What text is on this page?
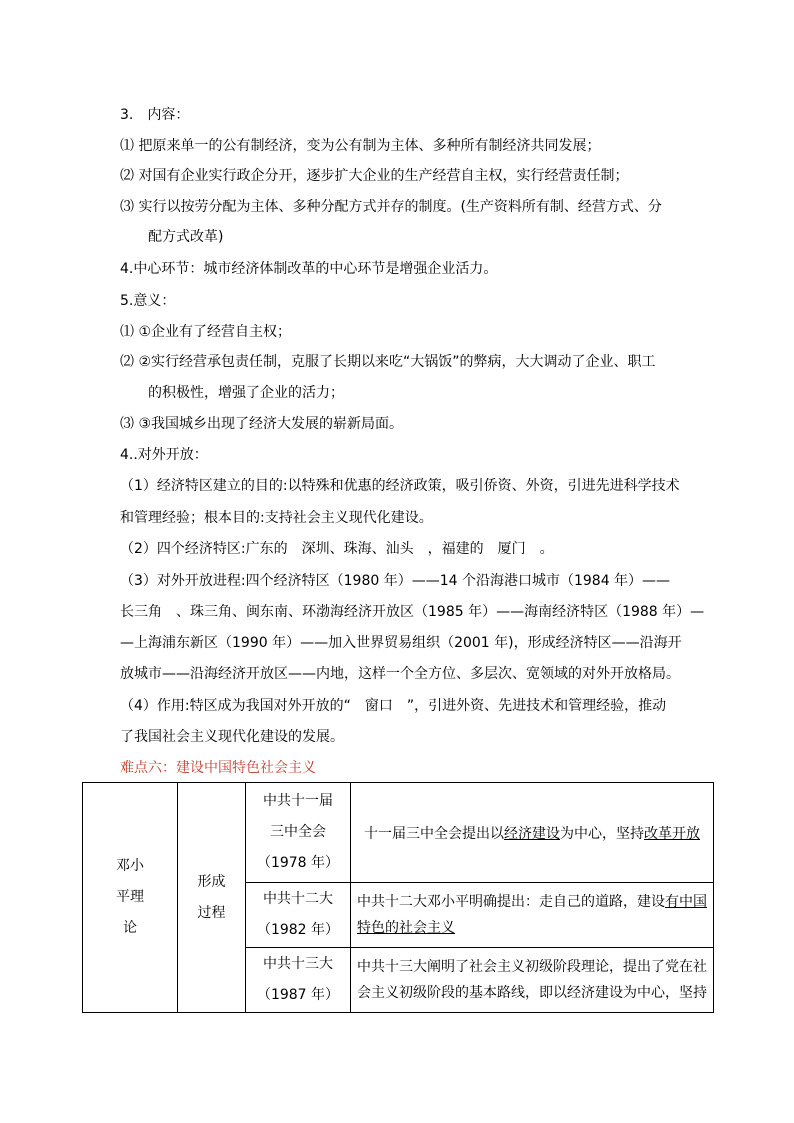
3.　内容：
⑴ 把原来单一的公有制经济，变为公有制为主体、多种所有制经济共同发展；
⑵ 对国有企业实行政企分开，逐步扩大企业的生产经营自主权，实行经营责任制；
⑶ 实行以按劳分配为主体、多种分配方式并存的制度。(生产资料所有制、经营方式、分
配方式改革)
4.中心环节：城市经济体制改革的中心环节是增强企业活力。
5.意义：
⑴ ①企业有了经营自主权；
⑵ ②实行经营承包责任制，克服了长期以来吃“大锅饭”的弊病，大大调动了企业、职工
的积极性，增强了企业的活力；
⑶ ③我国城乡出现了经济大发展的崭新局面。
4..对外开放：
（1）经济特区建立的目的:以特殊和优惠的经济政策，吸引侨资、外资，引进先进科学技术
和管理经验；根本目的:支持社会主义现代化建设。
（2）四个经济特区:广东的　深圳、珠海、汕头　，福建的　厦门　。
（3）对外开放进程:四个经济特区（1980 年）——14 个沿海港口城市（1984 年）——
长三角　、珠三角、闽东南、环渤海经济开放区（1985 年）——海南经济特区（1988 年）—
—上海浦东新区（1990 年）——加入世界贸易组织（2001 年)，形成经济特区——沿海开
放城市——沿海经济开放区——内地，这样一个全方位、多层次、宽领域的对外开放格局。
（4）作用:特区成为我国对外开放的“　窗口　”，引进外资、先进技术和管理经验，推动
了我国社会主义现代化建设的发展。
难点六：建设中国特色社会主义
邓小平理论	形成过程	中共十一届
三中全会
（1978 年）	十一届三中全会提出以经济建设为中心，坚持改革开放

		中共十二大
（1982 年）	中共十二大邓小平明确提出：走自己的道路，建设有中国特色的社会主义

		中共十三大
（1987 年）	中共十三大阐明了社会主义初级阶段理论，提出了党在社会主义初级阶段的基本路线，即以经济建设为中心，坚持
